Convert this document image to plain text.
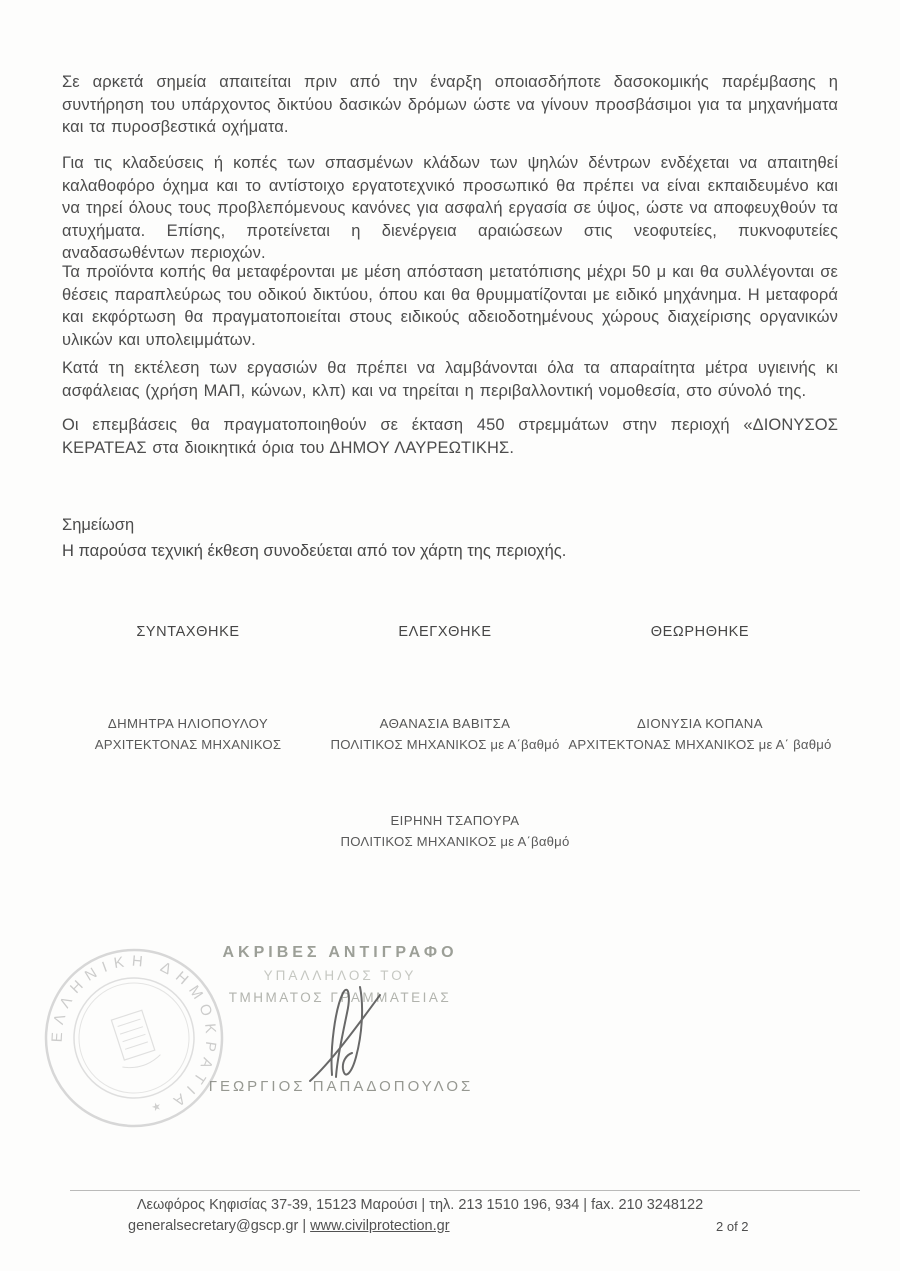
Σε αρκετά σημεία απαιτείται πριν από την έναρξη οποιασδήποτε δασοκομικής παρέμβασης η συντήρηση του υπάρχοντος δικτύου δασικών δρόμων ώστε να γίνουν προσβάσιμοι για τα μηχανήματα και τα πυροσβεστικά οχήματα.
Για τις κλαδεύσεις ή κοπές των σπασμένων κλάδων των ψηλών δέντρων ενδέχεται να απαιτηθεί καλαθοφόρο όχημα και το αντίστοιχο εργατοτεχνικό προσωπικό θα πρέπει να είναι εκπαιδευμένο και να τηρεί όλους τους προβλεπόμενους κανόνες για ασφαλή εργασία σε ύψος, ώστε να αποφευχθούν τα ατυχήματα. Επίσης, προτείνεται η διενέργεια αραιώσεων στις νεοφυτείες, πυκνοφυτείες αναδασωθέντων περιοχών.
Τα προϊόντα κοπής θα μεταφέρονται με μέση απόσταση μετατόπισης μέχρι 50 μ και θα συλλέγονται σε θέσεις παραπλεύρως του οδικού δικτύου, όπου και θα θρυμματίζονται με ειδικό μηχάνημα. Η μεταφορά και εκφόρτωση θα πραγματοποιείται στους ειδικούς αδειοδοτημένους χώρους διαχείρισης οργανικών υλικών και υπολειμμάτων.
Κατά τη εκτέλεση των εργασιών θα πρέπει να λαμβάνονται όλα τα απαραίτητα μέτρα υγιεινής κι ασφάλειας (χρήση ΜΑΠ, κώνων, κλπ) και να τηρείται η περιβαλλοντική νομοθεσία, στο σύνολό της.
Οι επεμβάσεις θα πραγματοποιηθούν σε έκταση 450 στρεμμάτων στην περιοχή «ΔΙΟΝΥΣΟΣ ΚΕΡΑΤΕΑΣ στα διοικητικά όρια του ΔΗΜΟΥ ΛΑΥΡΕΩΤΙΚΗΣ.
Σημείωση
Η παρούσα τεχνική έκθεση συνοδεύεται από τον χάρτη της περιοχής.
ΣΥΝΤΑΧΘΗΚΕ	ΕΛΕΓΧΘΗΚΕ	ΘΕΩΡΗΘΗΚΕ
ΔΗΜΗΤΡΑ ΗΛΙΟΠΟΥΛΟΥ
ΑΡΧΙΤΕΚΤΟΝΑΣ ΜΗΧΑΝΙΚΟΣ
ΑΘΑΝΑΣΙΑ ΒΑΒΙΤΣΑ
ΠΟΛΙΤΙΚΟΣ ΜΗΧΑΝΙΚΟΣ με Α΄βαθμό
ΔΙΟΝΥΣΙΑ ΚΟΠΑΝΑ
ΑΡΧΙΤΕΚΤΟΝΑΣ ΜΗΧΑΝΙΚΟΣ με Α΄ βαθμό
ΕΙΡΗΝΗ ΤΣΑΠΟΥΡΑ
ΠΟΛΙΤΙΚΟΣ ΜΗΧΑΝΙΚΟΣ με Α΄βαθμό
ΑΚΡΙΒΕΣ ΑΝΤΙΓΡΑΦΟ
ΥΠΑΛΛΗΛΟΣ ΤΟΥ
ΤΜΗΜΑΤΟΣ ΓΡΑΜΜΑΤΕΙΑΣ
ΓΕΩΡΓΙΟΣ ΠΑΠΑΔΟΠΟΥΛΟΣ
ΕΛΛΗΝΙΚΗ ΔΗΜΟΚΡΑΤΙΑ
★
Λεωφόρος Κηφισίας 37-39, 15123 Μαρούσι | τηλ. 213 1510 196, 934 | fax. 210 3248122
generalsecretary@gscp.gr | www.civilprotection.gr	2 of 2
